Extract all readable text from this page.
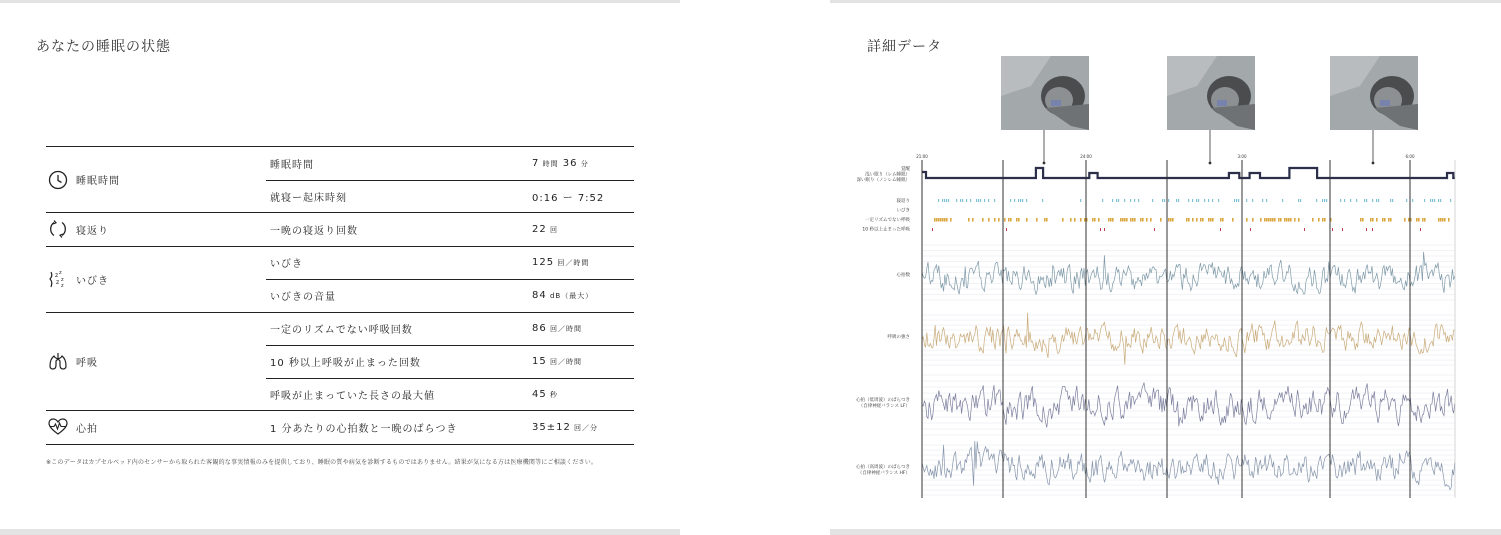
あなたの睡眠の状態
睡眠時間
睡眠時間	7 時間 36 分
就寝ー起床時刻	0:16 ー 7:52
寝返り	一晩の寝返り回数	22 回
z z
z z
z いびき
いびき	125 回／時間
いびきの音量	84 dB（最大）
呼吸
一定のリズムでない呼吸回数	86 回／時間
10 秒以上呼吸が止まった回数	15 回／時間
呼吸が止まっていた長さの最大値	45 秒
心拍	1 分あたりの心拍数と一晩のばらつき	35±12 回／分
※このデータはカプセルベッド内のセンサーから取られた客観的な事実情報のみを提供しており、睡眠の質や病気を診断するものではありません。結果が気になる方は医療機関等にご相談ください。
詳細データ
21:00	24:00	3:00	6:00
覚醒
浅い眠り（レム睡眠）
深い眠り（ノンレム睡眠）
寝返り
いびき
一定リズムでない呼吸
10 秒以上止まった呼吸
心拍数
呼吸の強さ
心拍（低周波）のばらつき
（自律神経バランス LF）
心拍（高周波）のばらつき
（自律神経バランス HF）
